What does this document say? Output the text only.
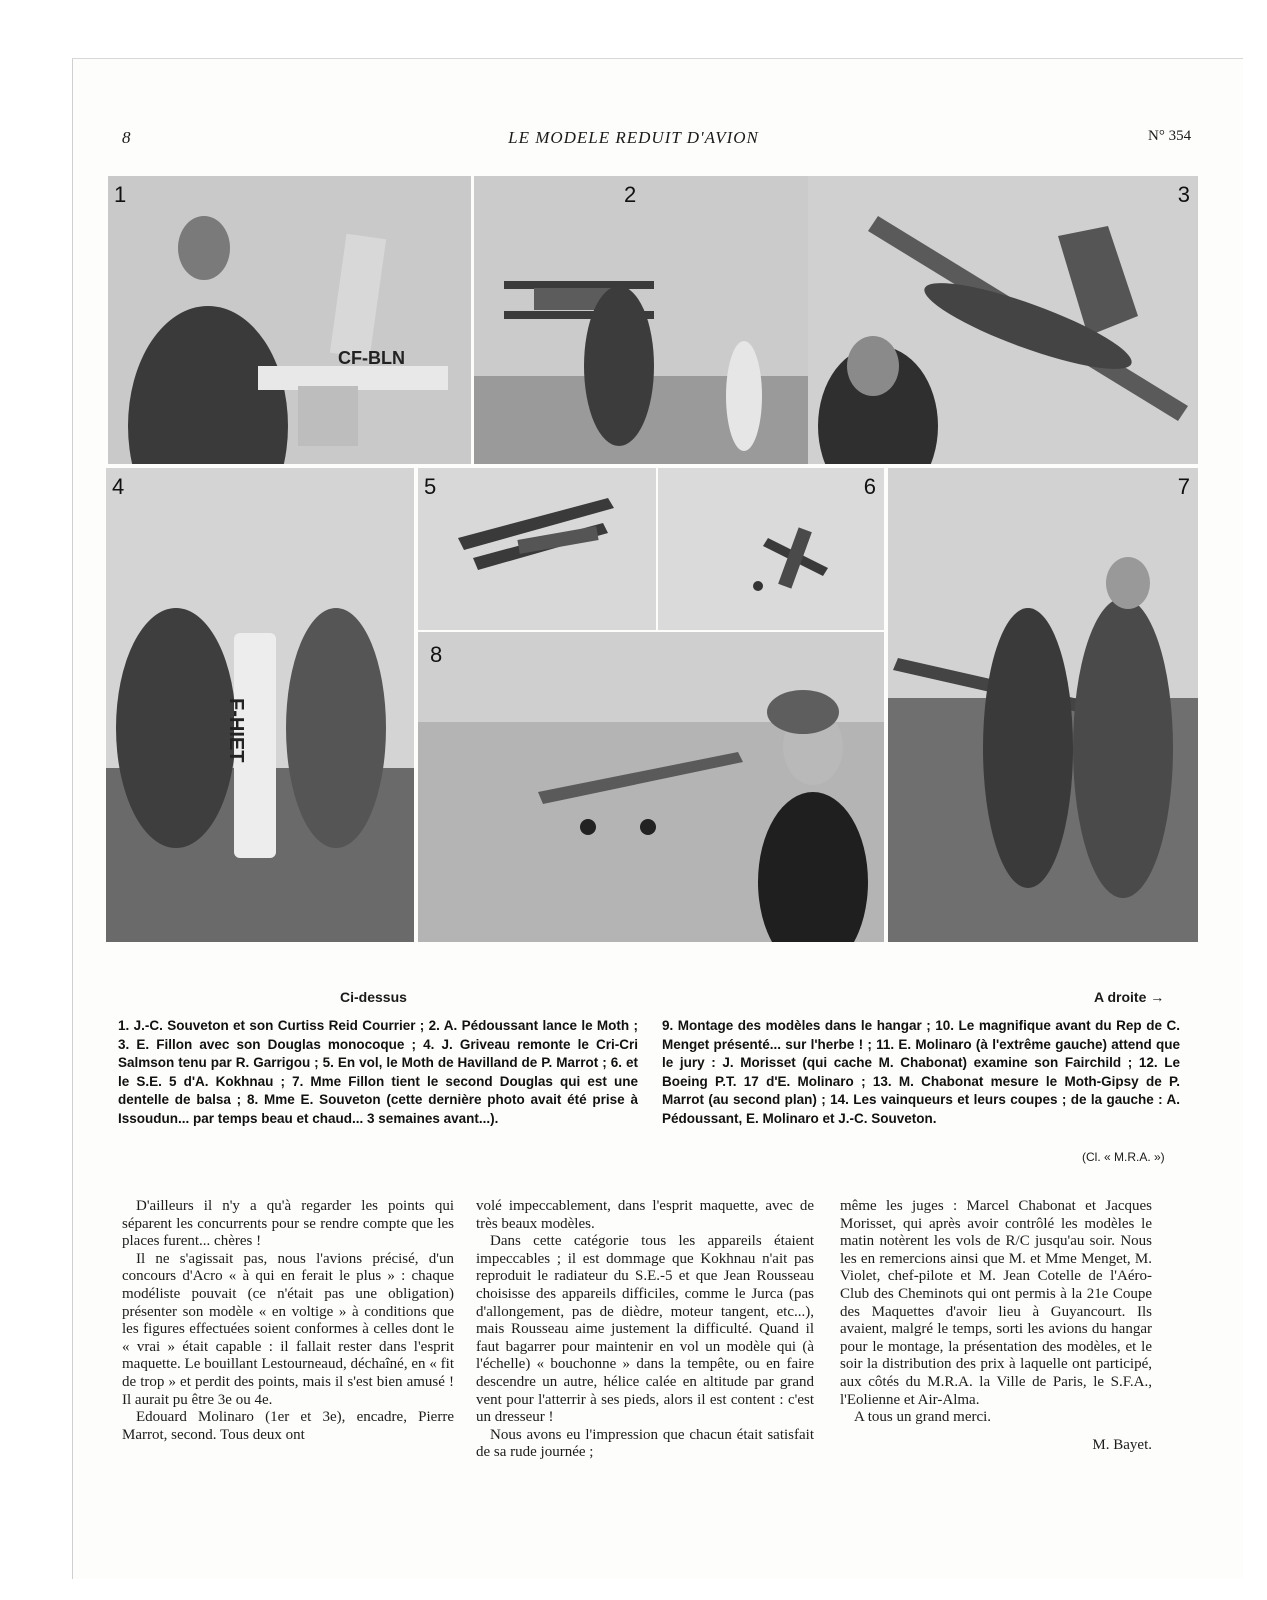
8	LE MODELE REDUIT D'AVION	N° 354
1
CF-BLN
2	3
4
F-HIET
5	6	7
8
Ci-dessus	A droite →
1. J.-C. Souveton et son Curtiss Reid Courrier ; 2. A. Pédoussant lance le Moth ; 3. E. Fillon avec son Douglas monocoque ; 4. J. Griveau remonte le Cri-Cri Salmson tenu par R. Garrigou ; 5. En vol, le Moth de Havilland de P. Marrot ; 6. et le S.E. 5 d'A. Kokhnau ; 7. Mme Fillon tient le second Douglas qui est une dentelle de balsa ; 8. Mme E. Souveton (cette dernière photo avait été prise à Issoudun... par temps beau et chaud... 3 semaines avant...).
9. Montage des modèles dans le hangar ; 10. Le magnifique avant du Rep de C. Menget présenté... sur l'herbe ! ; 11. E. Molinaro (à l'extrême gauche) attend que le jury : J. Morisset (qui cache M. Chabonat) examine son Fairchild ; 12. Le Boeing P.T. 17 d'E. Molinaro ; 13. M. Chabonat mesure le Moth-Gipsy de P. Marrot (au second plan) ; 14. Les vainqueurs et leurs coupes ; de la gauche : A. Pédoussant, E. Molinaro et J.-C. Souveton.
(Cl. « M.R.A. »)

D'ailleurs il n'y a qu'à regarder les points qui séparent les concurrents pour se rendre compte que les places furent... chères !

Il ne s'agissait pas, nous l'avions précisé, d'un concours d'Acro « à qui en ferait le plus » : chaque modéliste pouvait (ce n'était pas une obligation) présenter son modèle « en voltige » à conditions que les figures effectuées soient conformes à celles dont le « vrai » était capable : il fallait rester dans l'esprit maquette. Le bouillant Lestourneaud, déchaîné, en « fit de trop » et perdit des points, mais il s'est bien amusé ! Il aurait pu être 3e ou 4e.

Edouard Molinaro (1er et 3e), encadre, Pierre Marrot, second. Tous deux ont

volé impeccablement, dans l'esprit maquette, avec de très beaux modèles.

Dans cette catégorie tous les appareils étaient impeccables ; il est dommage que Kokhnau n'ait pas reproduit le radiateur du S.E.-5 et que Jean Rousseau choisisse des appareils difficiles, comme le Jurca (pas d'allongement, pas de dièdre, moteur tangent, etc...), mais Rousseau aime justement la difficulté. Quand il faut bagarrer pour maintenir en vol un modèle qui (à l'échelle) « bouchonne » dans la tempête, ou en faire descendre un autre, hélice calée en altitude par grand vent pour l'atterrir à ses pieds, alors il est content : c'est un dresseur !

Nous avons eu l'impression que chacun était satisfait de sa rude journée ;

même les juges : Marcel Chabonat et Jacques Morisset, qui après avoir contrôlé les modèles le matin notèrent les vols de R/C jusqu'au soir. Nous les en remercions ainsi que M. et Mme Menget, M. Violet, chef-pilote et M. Jean Cotelle de l'Aéro-Club des Cheminots qui ont permis à la 21e Coupe des Maquettes d'avoir lieu à Guyancourt. Ils avaient, malgré le temps, sorti les avions du hangar pour le montage, la présentation des modèles, et le soir la distribution des prix à laquelle ont participé, aux côtés du M.R.A. la Ville de Paris, le S.F.A., l'Eolienne et Air-Alma.

A tous un grand merci.

M. Bayet.
